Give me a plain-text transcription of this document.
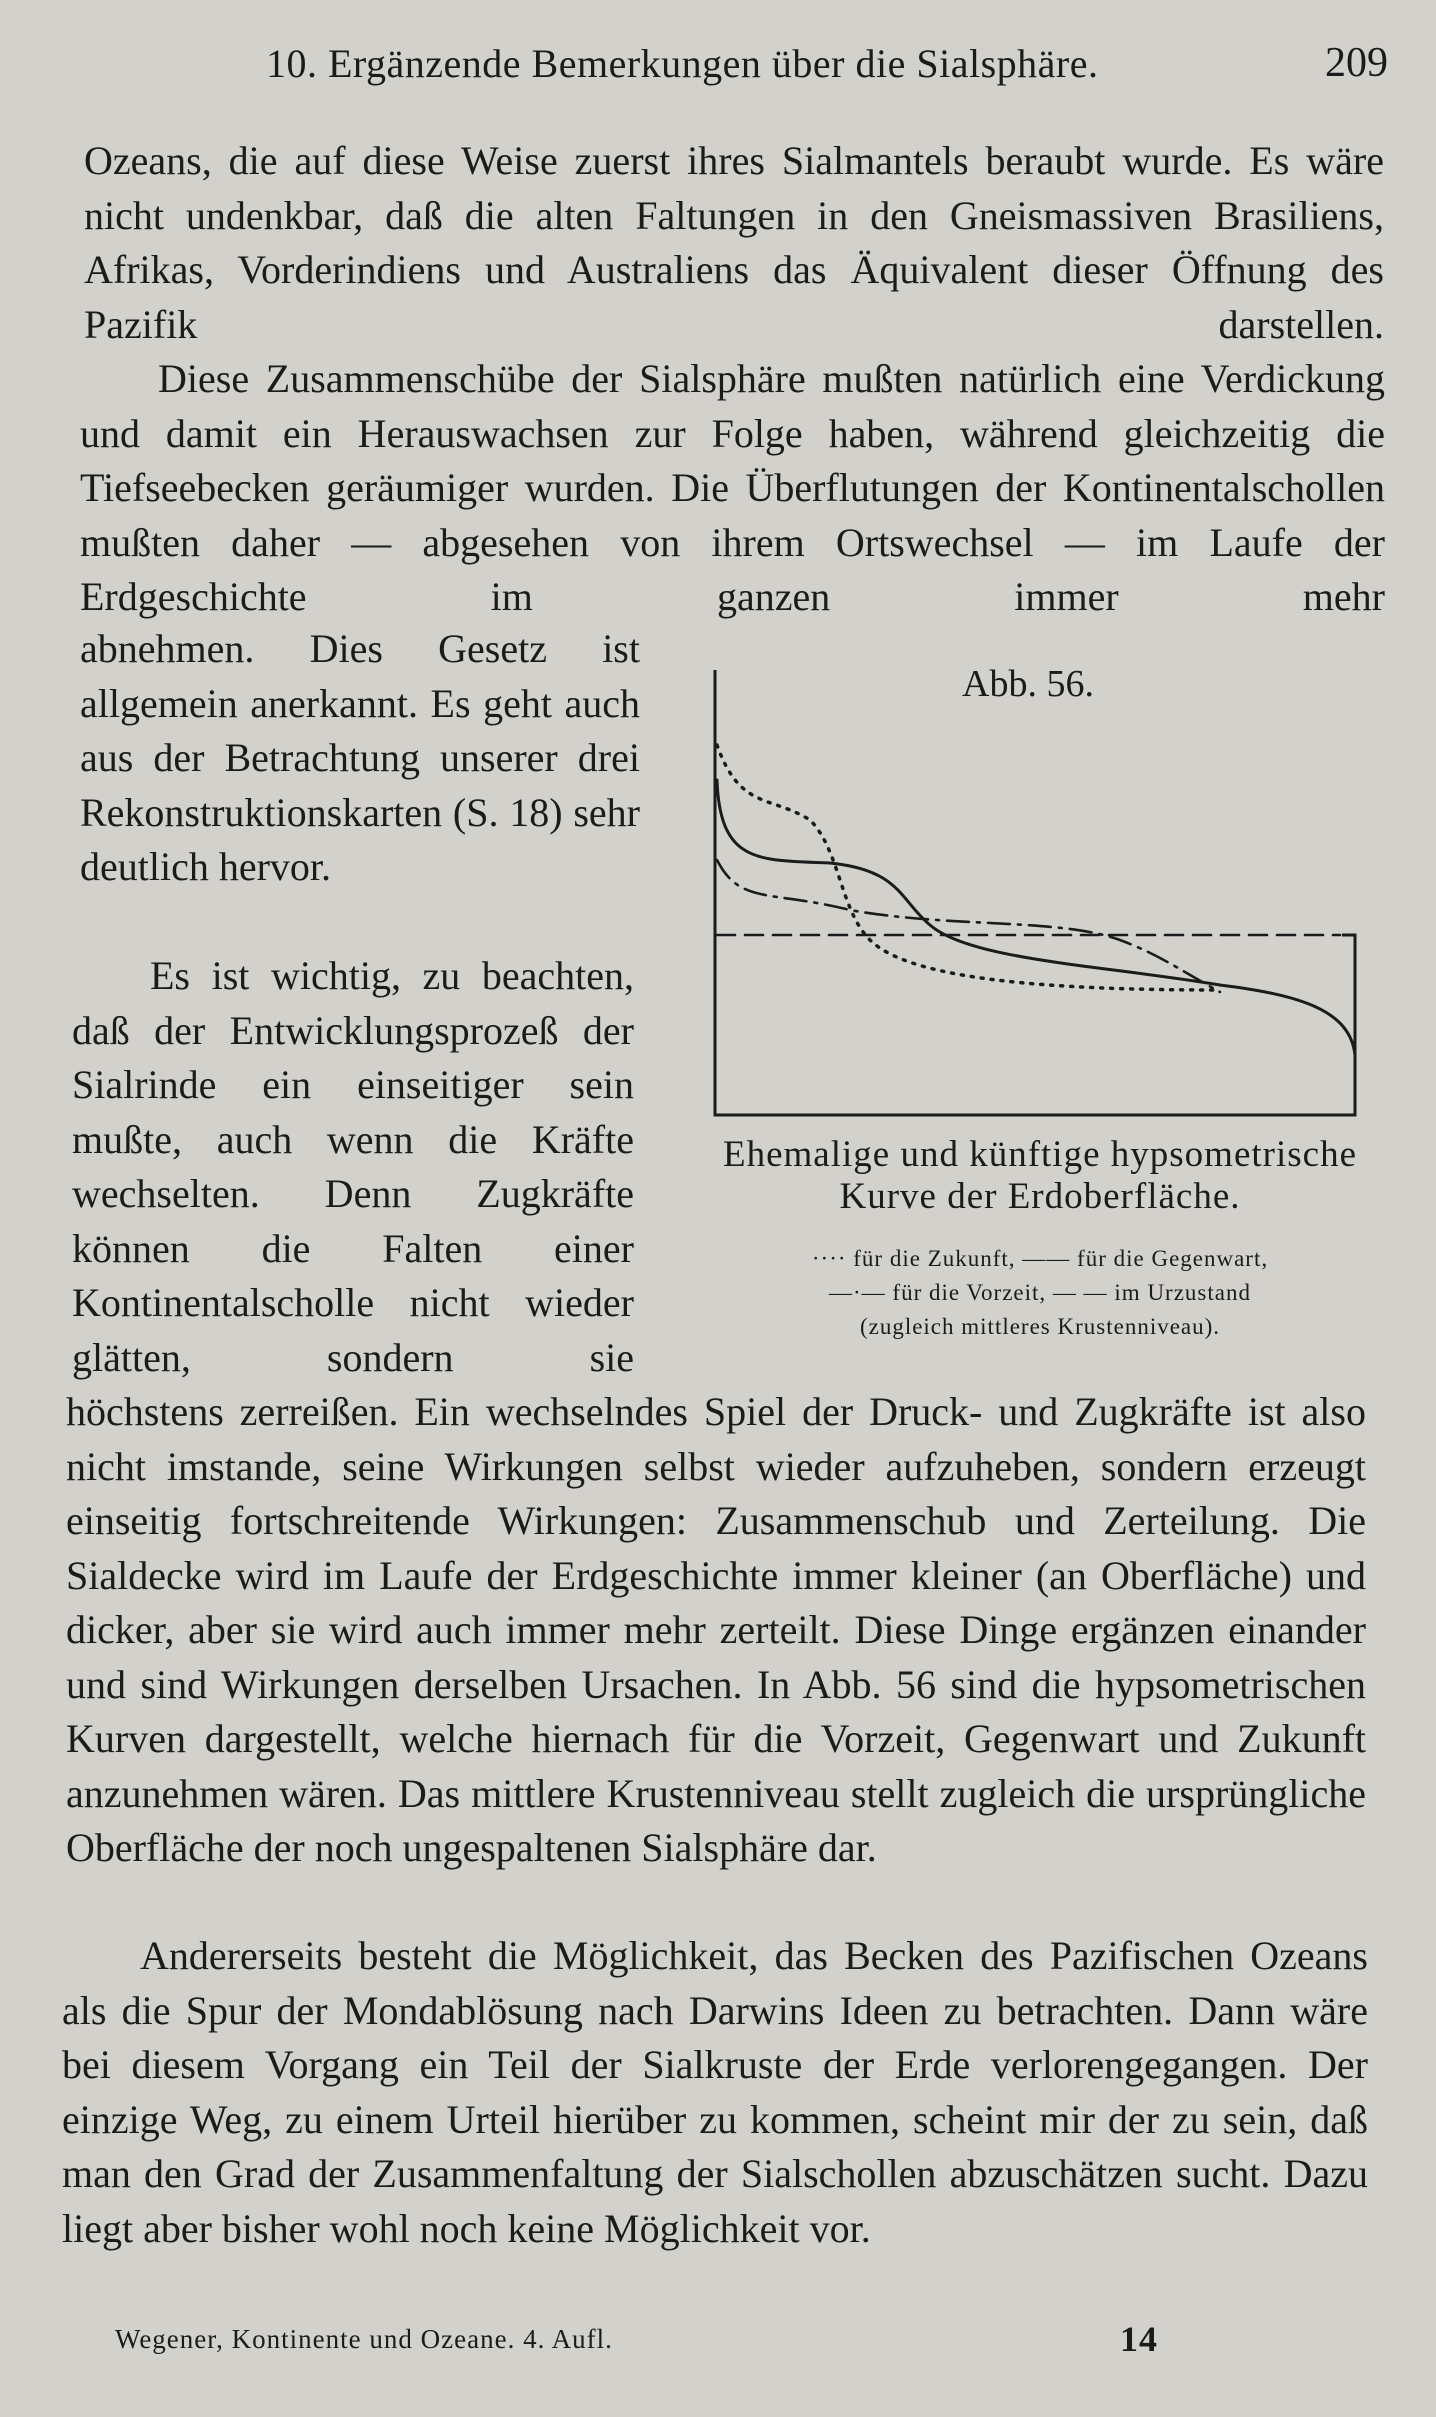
10. Ergänzende Bemerkungen über die Sialsphäre.	209
Ozeans, die auf diese Weise zuerst ihres Sialmantels beraubt wurde. Es wäre nicht undenkbar, daß die alten Faltungen in den Gneismassiven Brasiliens, Afrikas, Vorderindiens und Australiens das Äquivalent dieser Öffnung des Pazifik darstellen.
Diese Zusammenschübe der Sialsphäre mußten natürlich eine Verdickung und damit ein Herauswachsen zur Folge haben, während gleichzeitig die Tiefseebecken geräumiger wurden. Die Überflutungen der Kontinentalschollen mußten daher — abgesehen von ihrem Ortswechsel — im Laufe der Erdgeschichte im ganzen immer mehr
abnehmen. Dies Gesetz ist allgemein anerkannt. Es geht auch aus der Betrachtung unserer drei Rekonstruktionskarten (S. 18) sehr deutlich hervor.
Es ist wichtig, zu beachten, daß der Entwicklungsprozeß der Sialrinde ein einseitiger sein mußte, auch wenn die Kräfte wechselten. Denn Zugkräfte können die Falten einer Kontinentalscholle nicht wieder glätten, sondern sie
höchstens zerreißen. Ein wechselndes Spiel der Druck- und Zugkräfte ist also nicht imstande, seine Wirkungen selbst wieder aufzuheben, sondern erzeugt einseitig fortschreitende Wirkungen: Zusammenschub und Zerteilung. Die Sialdecke wird im Laufe der Erdgeschichte immer kleiner (an Oberfläche) und dicker, aber sie wird auch immer mehr zerteilt. Diese Dinge ergänzen einander und sind Wirkungen derselben Ursachen. In Abb. 56 sind die hypsometrischen Kurven dargestellt, welche hiernach für die Vorzeit, Gegenwart und Zukunft anzunehmen wären. Das mittlere Krustenniveau stellt zugleich die ursprüngliche Oberfläche der noch ungespaltenen Sialsphäre dar.
Andererseits besteht die Möglichkeit, das Becken des Pazifischen Ozeans als die Spur der Mondablösung nach Darwins Ideen zu betrachten. Dann wäre bei diesem Vorgang ein Teil der Sialkruste der Erde verlorengegangen. Der einzige Weg, zu einem Urteil hierüber zu kommen, scheint mir der zu sein, daß man den Grad der Zusammenfaltung der Sialschollen abzuschätzen sucht. Dazu liegt aber bisher wohl noch keine Möglichkeit vor.
Abb. 56.
Ehemalige und künftige hypsometrische Kurve der Erdoberfläche.
···· für die Zukunft, —— für die Gegenwart,
—·— für die Vorzeit, — — im Urzustand
(zugleich mittleres Krustenniveau).
Wegener, Kontinente und Ozeane. 4. Aufl.	14
